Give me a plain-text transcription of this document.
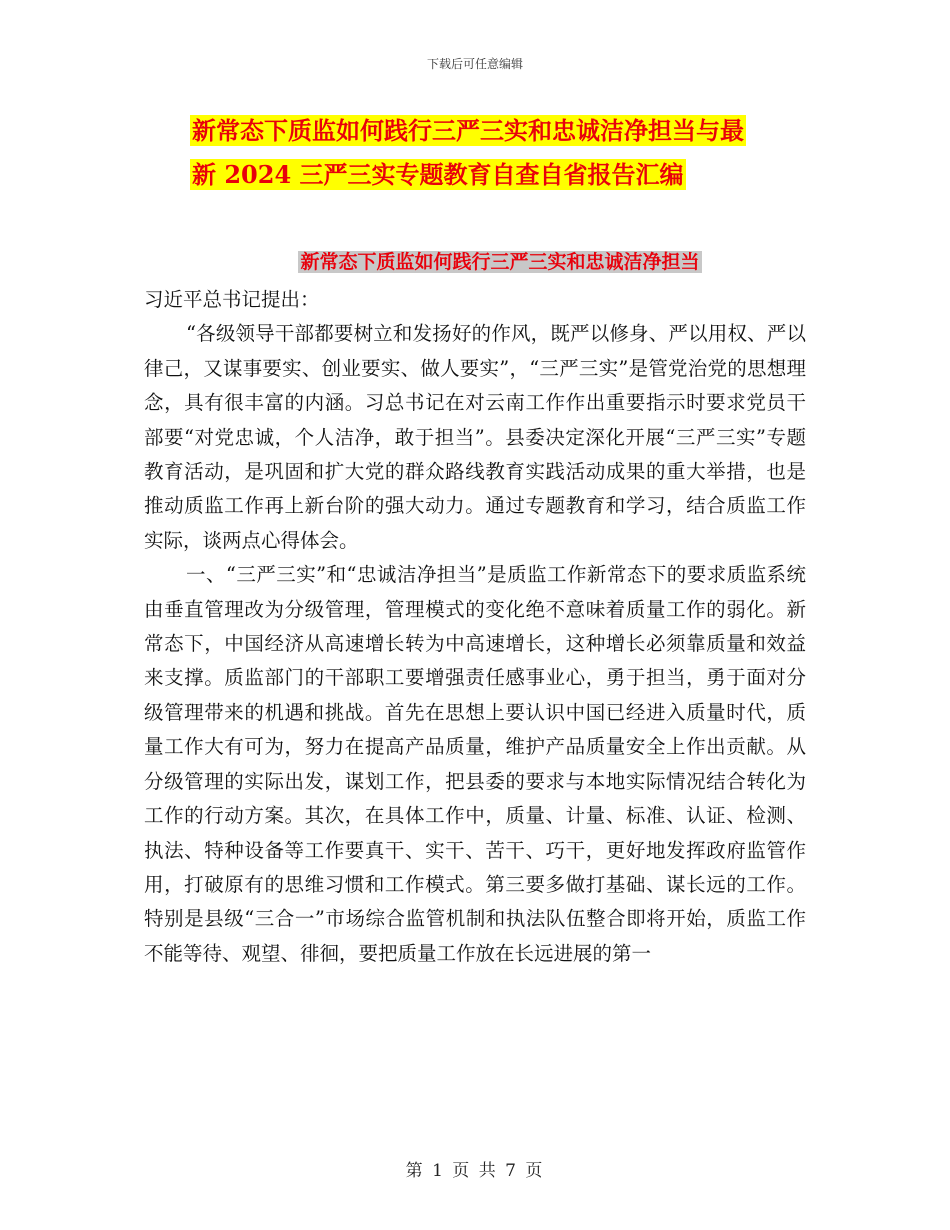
下载后可任意编辑
新常态下质监如何践行三严三实和忠诚洁净担当与最
新 2024 三严三实专题教育自查自省报告汇编
新常态下质监如何践行三严三实和忠诚洁净担当

习近平总书记提出：

“各级领导干部都要树立和发扬好的作风，既严以修身、严以用权、严以律己，又谋事要实、创业要实、做人要实”，“三严三实”是管党治党的思想理念，具有很丰富的内涵。习总书记在对云南工作作出重要指示时要求党员干部要“对党忠诚，个人洁净，敢于担当”。县委决定深化开展“三严三实”专题教育活动，是巩固和扩大党的群众路线教育实践活动成果的重大举措，也是推动质监工作再上新台阶的强大动力。通过专题教育和学习，结合质监工作实际，谈两点心得体会。

一、“三严三实”和“忠诚洁净担当”是质监工作新常态下的要求质监系统由垂直管理改为分级管理，管理模式的变化绝不意味着质量工作的弱化。新常态下，中国经济从高速增长转为中高速增长，这种增长必须靠质量和效益来支撑。质监部门的干部职工要增强责任感事业心，勇于担当，勇于面对分级管理带来的机遇和挑战。首先在思想上要认识中国已经进入质量时代，质量工作大有可为，努力在提高产品质量，维护产品质量安全上作出贡献。从分级管理的实际出发，谋划工作，把县委的要求与本地实际情况结合转化为工作的行动方案。其次，在具体工作中，质量、计量、标准、认证、检测、执法、特种设备等工作要真干、实干、苦干、巧干，更好地发挥政府监管作用，打破原有的思维习惯和工作模式。第三要多做打基础、谋长远的工作。特别是县级“三合一”市场综合监管机制和执法队伍整合即将开始，质监工作不能等待、观望、徘徊，要把质量工作放在长远进展的第一

第 1 页 共 7 页
